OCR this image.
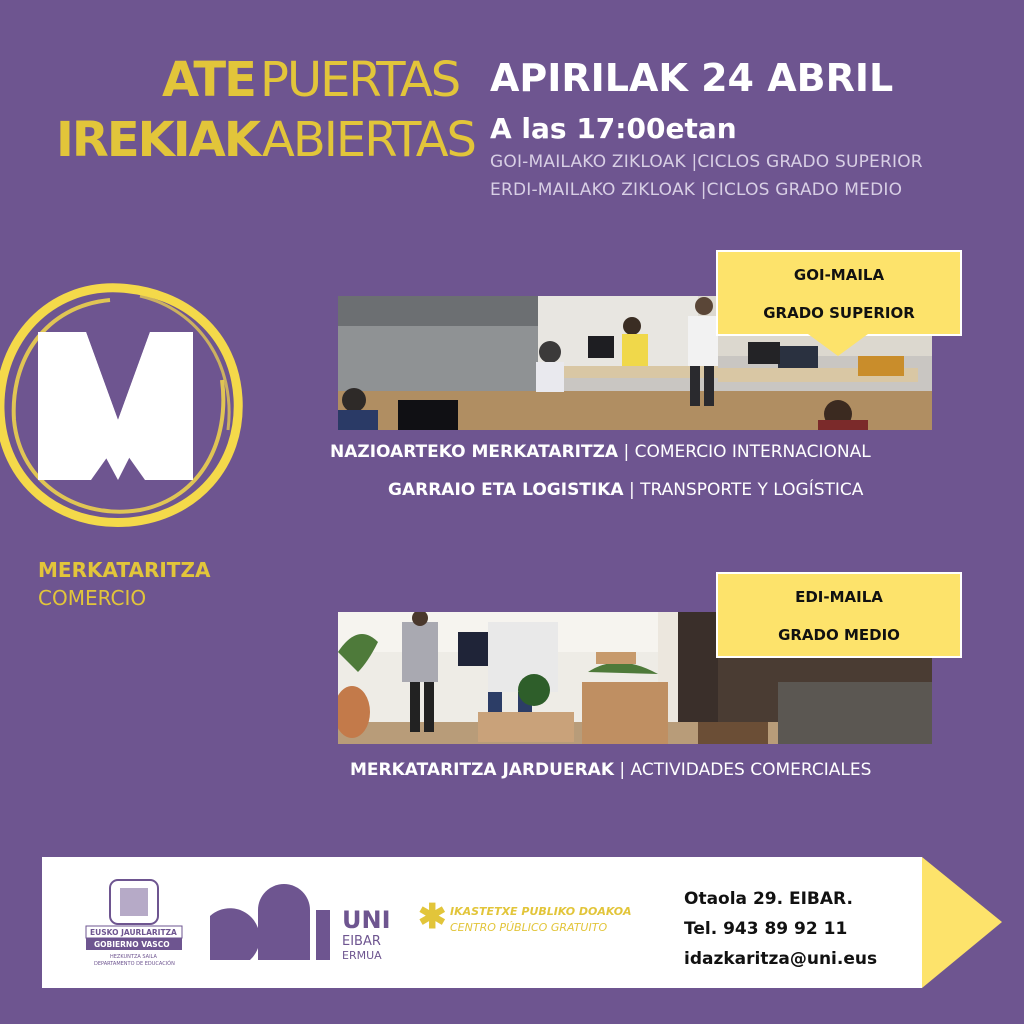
ATE PUERTAS
IREKIAK ABIERTAS
APIRILAK 24 ABRIL
A las 17:00etan
GOI-MAILAKO ZIKLOAK |CICLOS GRADO SUPERIOR
ERDI-MAILAKO ZIKLOAK |CICLOS GRADO MEDIO
MERKATARITZA
COMERCIO
GOI-MAILA
GRADO SUPERIOR
NAZIOARTEKO MERKATARITZA | COMERCIO INTERNACIONAL
GARRAIO ETA LOGISTIKA | TRANSPORTE Y LOGÍSTICA
EDI-MAILA
GRADO MEDIO
MERKATARITZA JARDUERAK | ACTIVIDADES COMERCIALES
EUSKO JAURLARITZA
GOBIERNO VASCO
HEZKUNTZA SAILA
DEPARTAMENTO DE EDUCACIÓN
UNI
EIBAR
ERMUA
✱ IKASTETXE PUBLIKO DOAKOA
CENTRO PÚBLICO GRATUITO
Otaola 29. EIBAR.
Tel. 943 89 92 11
idazkaritza@uni.eus
